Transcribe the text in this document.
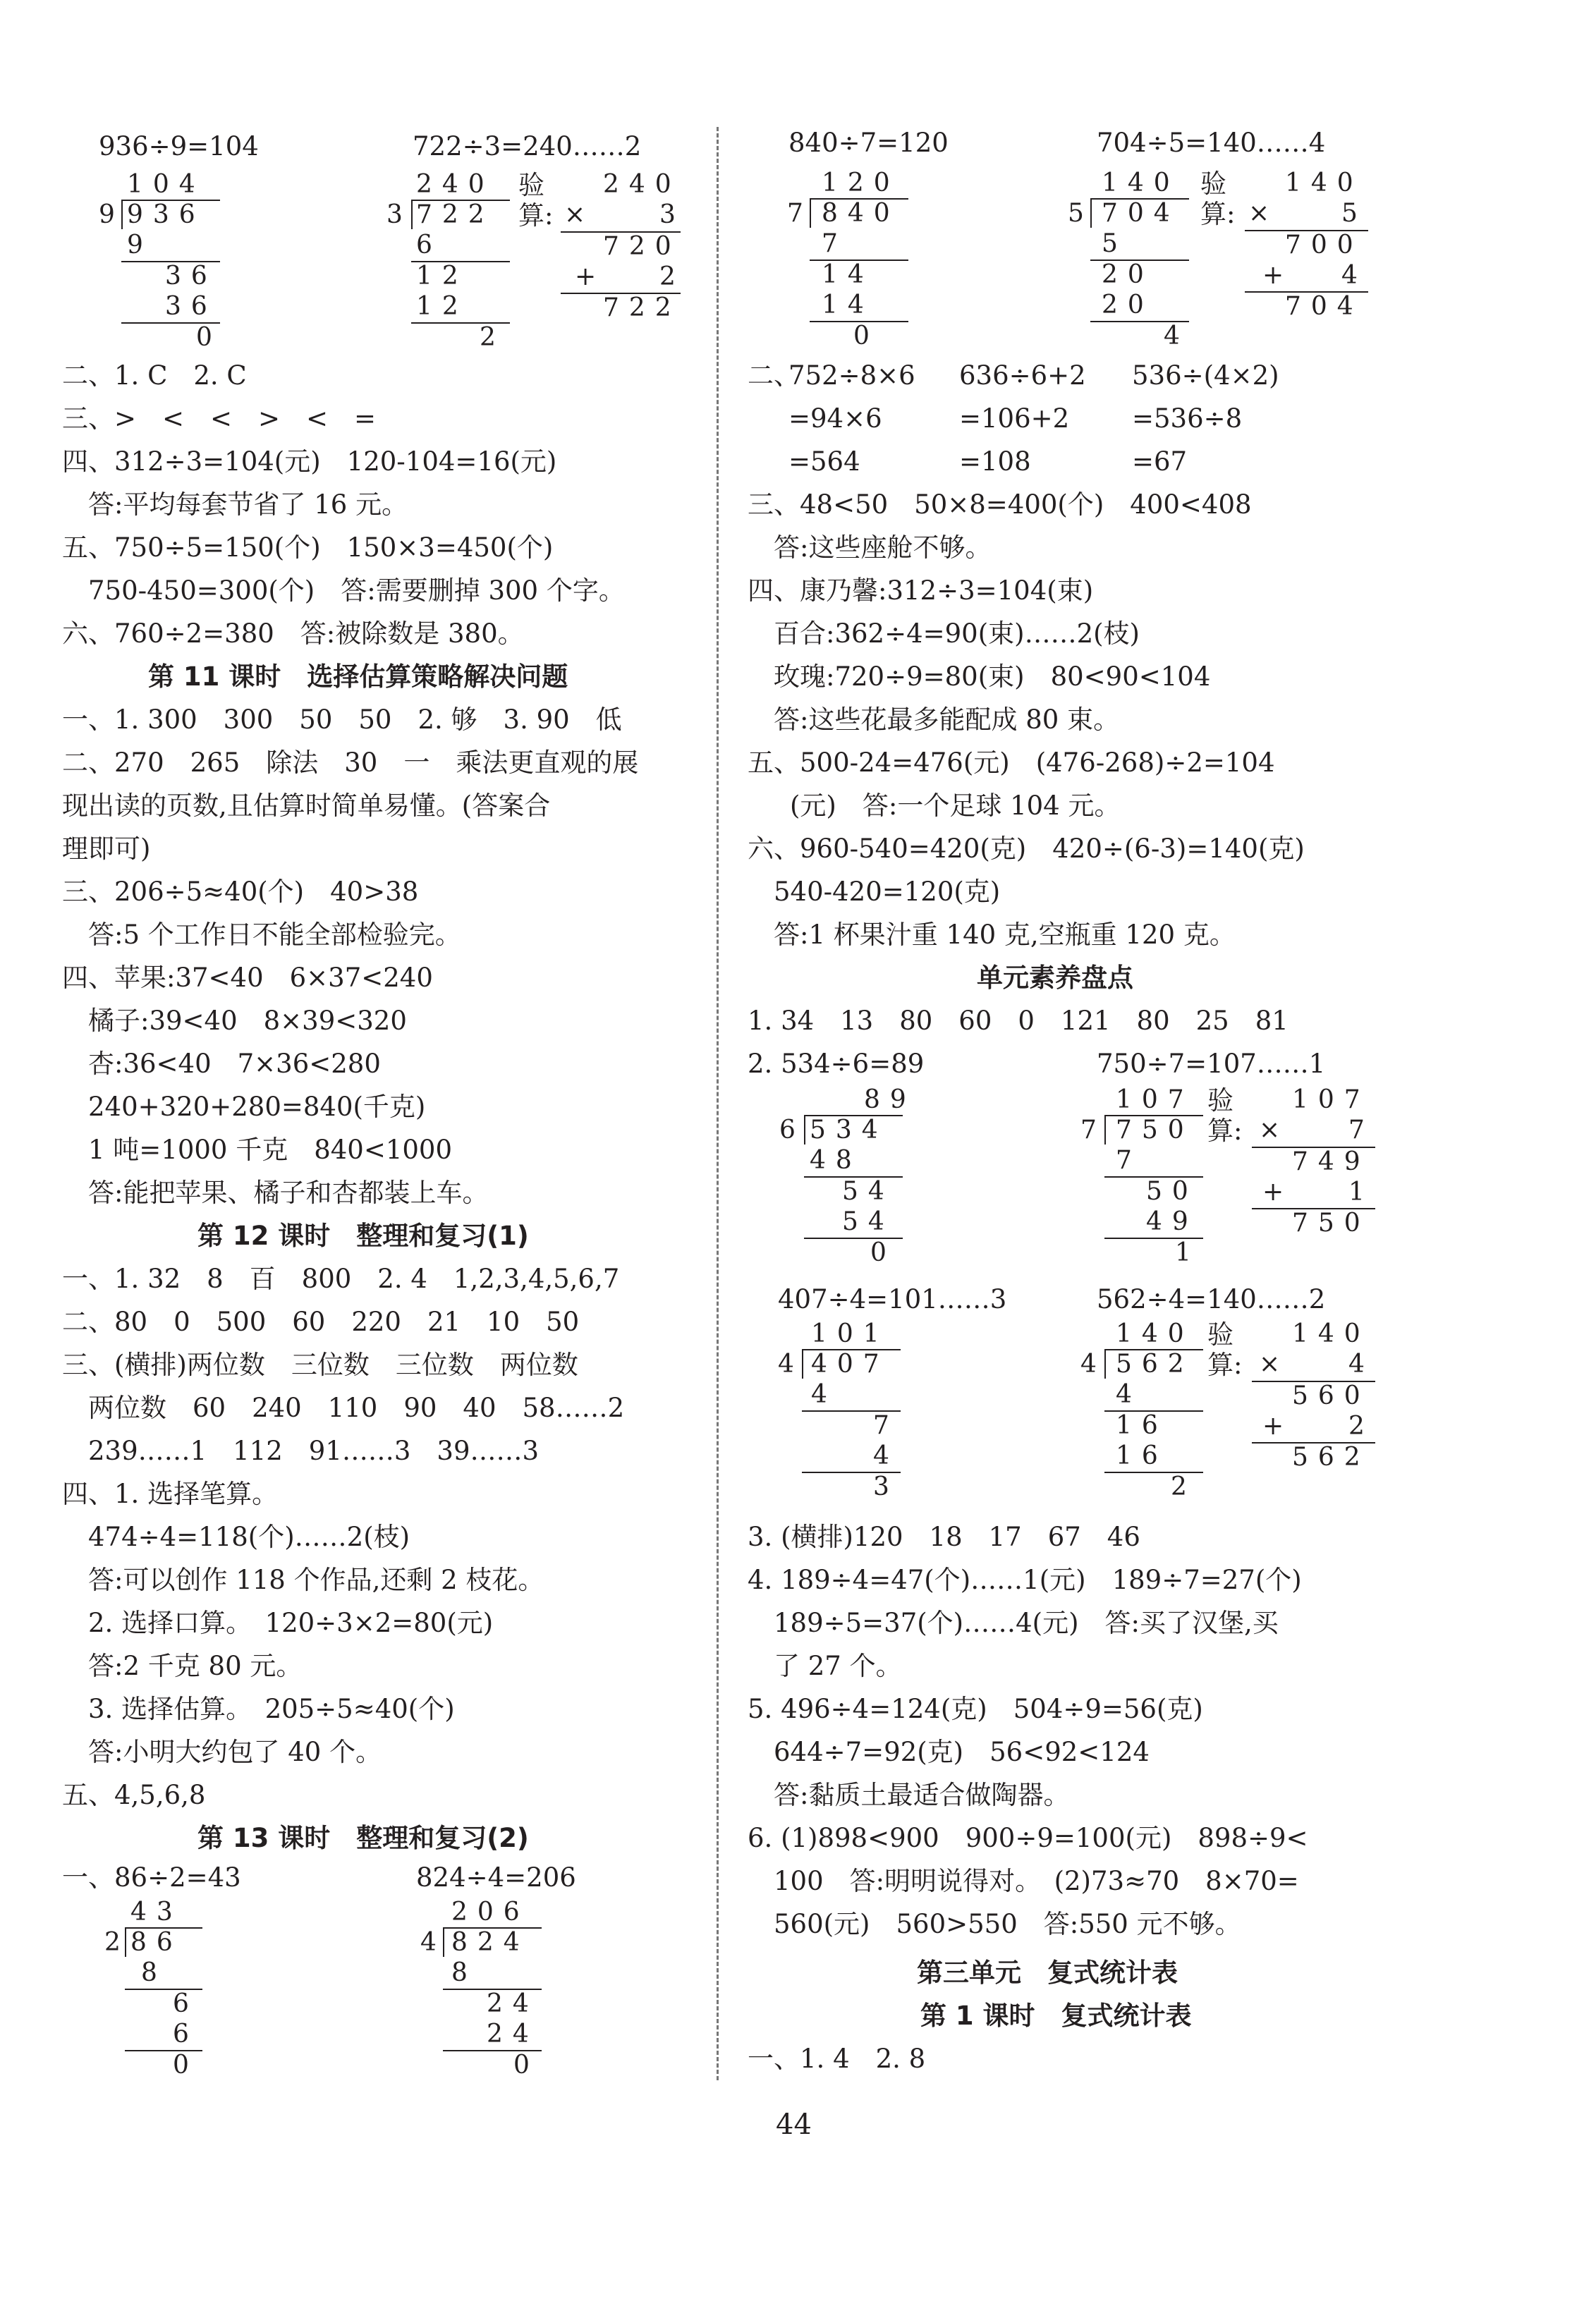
936÷9=104	722÷3=240……2
104
9 936
9
36
36
0
240
3 722
6
12
12
2
验
算:
240
×	3
720
+ 2
722
二、1. C　2. C
三、>　<　<　>　<　=
四、312÷3=104(元)　120-104=16(元)
　答:平均每套节省了 16 元。
五、750÷5=150(个)　150×3=450(个)
　750-450=300(个)　答:需要删掉 300 个字。
六、760÷2=380　答:被除数是 380。
第 11 课时　选择估算策略解决问题
一、1. 300　300　50　50　2. 够　3. 90　低
二、270　265　除法　30　一　乘法更直观的展
现出读的页数,且估算时简单易懂。(答案合
理即可)
三、206÷5≈40(个)　40>38
　答:5 个工作日不能全部检验完。
四、苹果:37<40　6×37<240
　橘子:39<40　8×39<320
　杏:36<40　7×36<280
　240+320+280=840(千克)
　1 吨=1000 千克　840<1000
　答:能把苹果、橘子和杏都装上车。
第 12 课时　整理和复习(1)
一、1. 32　8　百　800　2. 4　1,2,3,4,5,6,7
二、80　0　500　60　220　21　10　50
三、(横排)两位数　三位数　三位数　两位数
　两位数　60　240　110　90　40　58……2
　239……1　112　91……3　39……3
四、1. 选择笔算。
　474÷4=118(个)……2(枝)
　答:可以创作 118 个作品,还剩 2 枝花。
　2. 选择口算。　120÷3×2=80(元)
　答:2 千克 80 元。
　3. 选择估算。　205÷5≈40(个)
　答:小明大约包了 40 个。
五、4,5,6,8
第 13 课时　整理和复习(2)
一、86÷2=43	824÷4=206
43
2 86
8
6
6
0
206
4 824
8
24
24
0
840÷7=120	704÷5=140……4
120
7 840
7
14
14
0
140
5 704
5
20
20
4
验
算:
140
× 5
700
+ 4
704
二、
752÷8×6
=94×6
=564
636÷6+2
=106+2
=108
536÷(4×2)
=536÷8
=67
三、48<50　50×8=400(个)　400<408
　答:这些座舱不够。
四、康乃馨:312÷3=104(束)
　百合:362÷4=90(束)……2(枝)
　玫瑰:720÷9=80(束)　80<90<104
　答:这些花最多能配成 80 束。
五、500-24=476(元)　(476-268)÷2=104
(元)　答:一个足球 104 元。
六、960-540=420(克)　420÷(6-3)=140(克)
　540-420=120(克)
　答:1 杯果汁重 140 克,空瓶重 120 克。
单元素养盘点
1. 34　13　80　60　0　121　80　25　81
2. 534÷6=89	750÷7=107……1
89
6 534
48
54
54
0
107
7 750
7
50
49
1
验
算:
107
× 7
749
+ 1
750
407÷4=101……3	562÷4=140……2
101
4 407
4
7
4
3
140
4 562
4
16
16
2
验
算:
140
× 4
560
+ 2
562
3. (横排)120　18　17　67　46
4. 189÷4=47(个)……1(元)　189÷7=27(个)
　189÷5=37(个)……4(元)　答:买了汉堡,买
　了 27 个。
5. 496÷4=124(克)　504÷9=56(克)
　644÷7=92(克)　56<92<124
　答:黏质土最适合做陶器。
6. (1)898<900　900÷9=100(元)　898÷9<
　100　答:明明说得对。　(2)73≈70　8×70=
　560(元)　560>550　答:550 元不够。
第三单元　复式统计表
第 1 课时　复式统计表
一、1. 4　2. 8
44
